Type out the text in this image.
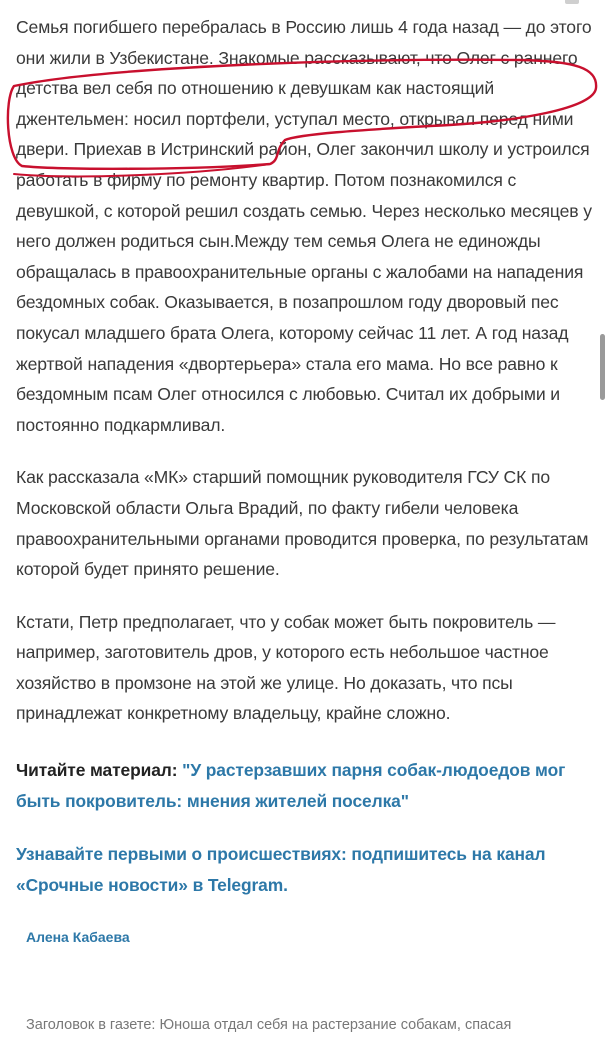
Семья погибшего перебралась в Россию лишь 4 года назад — до этого они жили в Узбекистане. Знакомые рассказывают, что Олег с раннего детства вел себя по отношению к девушкам как настоящий джентельмен: носил портфели, уступал место, открывал перед ними двери. Приехав в Истринский район, Олег закончил школу и устроился работать в фирму по ремонту квартир. Потом познакомился с девушкой, с которой решил создать семью. Через несколько месяцев у него должен родиться сын.Между тем семья Олега не единожды обращалась в правоохранительные органы с жалобами на нападения бездомных собак. Оказывается, в позапрошлом году дворовый пес покусал младшего брата Олега, которому сейчас 11 лет. А год назад жертвой нападения «двортерьера» стала его мама. Но все равно к бездомным псам Олег относился с любовью. Считал их добрыми и постоянно подкармливал.

Как рассказала «МК» старший помощник руководителя ГСУ СК по Московской области Ольга Врадий, по факту гибели человека правоохранительными органами проводится проверка, по результатам которой будет принято решение.

Кстати, Петр предполагает, что у собак может быть покровитель — например, заготовитель дров, у которого есть небольшое частное хозяйство в промзоне на этой же улице. Но доказать, что псы принадлежат конкретному владельцу, крайне сложно.

Читайте материал: "У растерзавших парня собак-людоедов мог быть покровитель: мнения жителей поселка"
Узнавайте первыми о происшествиях: подпишитесь на канал «Срочные новости» в Telegram.
Алена Кабаева
Заголовок в газете: Юноша отдал себя на растерзание собакам, спасая
